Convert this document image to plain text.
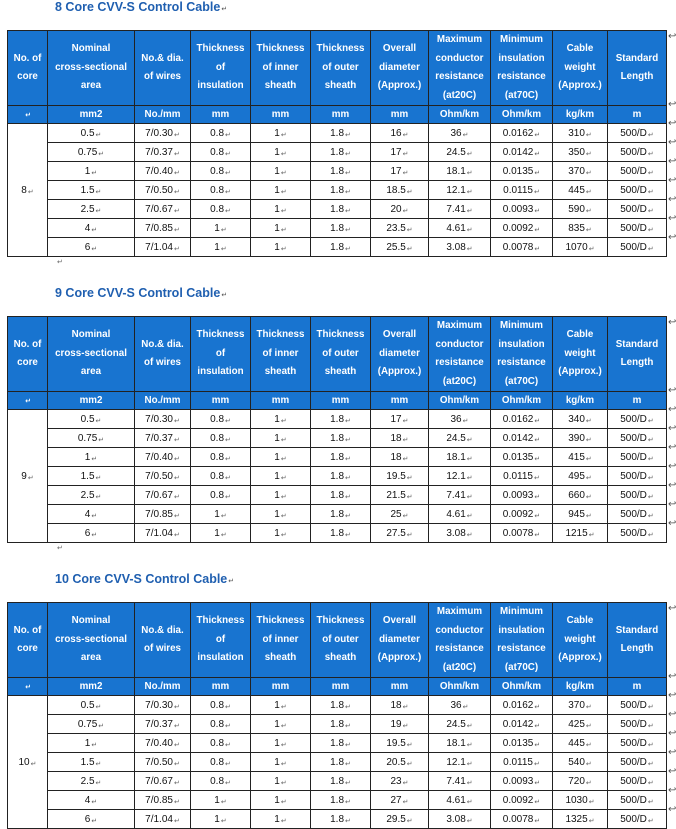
8 Core CVV-S Control Cable↵
No. of
core	Nominal
cross-sectional
area	No.& dia.
of wires	Thickness
of
insulation	Thickness
of inner
sheath	Thickness
of outer
sheath	Overall
diameter
(Approx.)	Maximum
conductor
resistance
(at20C)	Minimum
insulation
resistance
(at70C)	Cable
weight
(Approx.)	Standard
Length
↵	mm2	No./mm	mm	mm	mm	mm	Ohm/km	Ohm/km	kg/km	m
8↵	0.5↵	7/0.30↵	0.8↵	1↵	1.8↵	16↵	36↵	0.0162↵	310↵	500/D↵
	0.75↵	7/0.37↵	0.8↵	1↵	1.8↵	17↵	24.5↵	0.0142↵	350↵	500/D↵
	1↵	7/0.40↵	0.8↵	1↵	1.8↵	17↵	18.1↵	0.0135↵	370↵	500/D↵
	1.5↵	7/0.50↵	0.8↵	1↵	1.8↵	18.5↵	12.1↵	0.0115↵	445↵	500/D↵
	2.5↵	7/0.67↵	0.8↵	1↵	1.8↵	20↵	7.41↵	0.0093↵	590↵	500/D↵
	4↵	7/0.85↵	1↵	1↵	1.8↵	23.5↵	4.61↵	0.0092↵	835↵	500/D↵
	6↵	7/1.04↵	1↵	1↵	1.8↵	25.5↵	3.08↵	0.0078↵	1070↵	500/D↵
↩
↩
↩
↩
↩
↩
↩
↩
↩
↵
9 Core CVV-S Control Cable↵
No. of
core	Nominal
cross-sectional
area	No.& dia.
of wires	Thickness
of
insulation	Thickness
of inner
sheath	Thickness
of outer
sheath	Overall
diameter
(Approx.)	Maximum
conductor
resistance
(at20C)	Minimum
insulation
resistance
(at70C)	Cable
weight
(Approx.)	Standard
Length
↵	mm2	No./mm	mm	mm	mm	mm	Ohm/km	Ohm/km	kg/km	m
9↵	0.5↵	7/0.30↵	0.8↵	1↵	1.8↵	17↵	36↵	0.0162↵	340↵	500/D↵
	0.75↵	7/0.37↵	0.8↵	1↵	1.8↵	18↵	24.5↵	0.0142↵	390↵	500/D↵
	1↵	7/0.40↵	0.8↵	1↵	1.8↵	18↵	18.1↵	0.0135↵	415↵	500/D↵
	1.5↵	7/0.50↵	0.8↵	1↵	1.8↵	19.5↵	12.1↵	0.0115↵	495↵	500/D↵
	2.5↵	7/0.67↵	0.8↵	1↵	1.8↵	21.5↵	7.41↵	0.0093↵	660↵	500/D↵
	4↵	7/0.85↵	1↵	1↵	1.8↵	25↵	4.61↵	0.0092↵	945↵	500/D↵
	6↵	7/1.04↵	1↵	1↵	1.8↵	27.5↵	3.08↵	0.0078↵	1215↵	500/D↵
↩
↩
↩
↩
↩
↩
↩
↩
↩
↵
10 Core CVV-S Control Cable↵
No. of
core	Nominal
cross-sectional
area	No.& dia.
of wires	Thickness
of
insulation	Thickness
of inner
sheath	Thickness
of outer
sheath	Overall
diameter
(Approx.)	Maximum
conductor
resistance
(at20C)	Minimum
insulation
resistance
(at70C)	Cable
weight
(Approx.)	Standard
Length
↵	mm2	No./mm	mm	mm	mm	mm	Ohm/km	Ohm/km	kg/km	m
10↵	0.5↵	7/0.30↵	0.8↵	1↵	1.8↵	18↵	36↵	0.0162↵	370↵	500/D↵
	0.75↵	7/0.37↵	0.8↵	1↵	1.8↵	19↵	24.5↵	0.0142↵	425↵	500/D↵
	1↵	7/0.40↵	0.8↵	1↵	1.8↵	19.5↵	18.1↵	0.0135↵	445↵	500/D↵
	1.5↵	7/0.50↵	0.8↵	1↵	1.8↵	20.5↵	12.1↵	0.0115↵	540↵	500/D↵
	2.5↵	7/0.67↵	0.8↵	1↵	1.8↵	23↵	7.41↵	0.0093↵	720↵	500/D↵
	4↵	7/0.85↵	1↵	1↵	1.8↵	27↵	4.61↵	0.0092↵	1030↵	500/D↵
	6↵	7/1.04↵	1↵	1↵	1.8↵	29.5↵	3.08↵	0.0078↵	1325↵	500/D↵
↩
↩
↩
↩
↩
↩
↩
↩
↩
